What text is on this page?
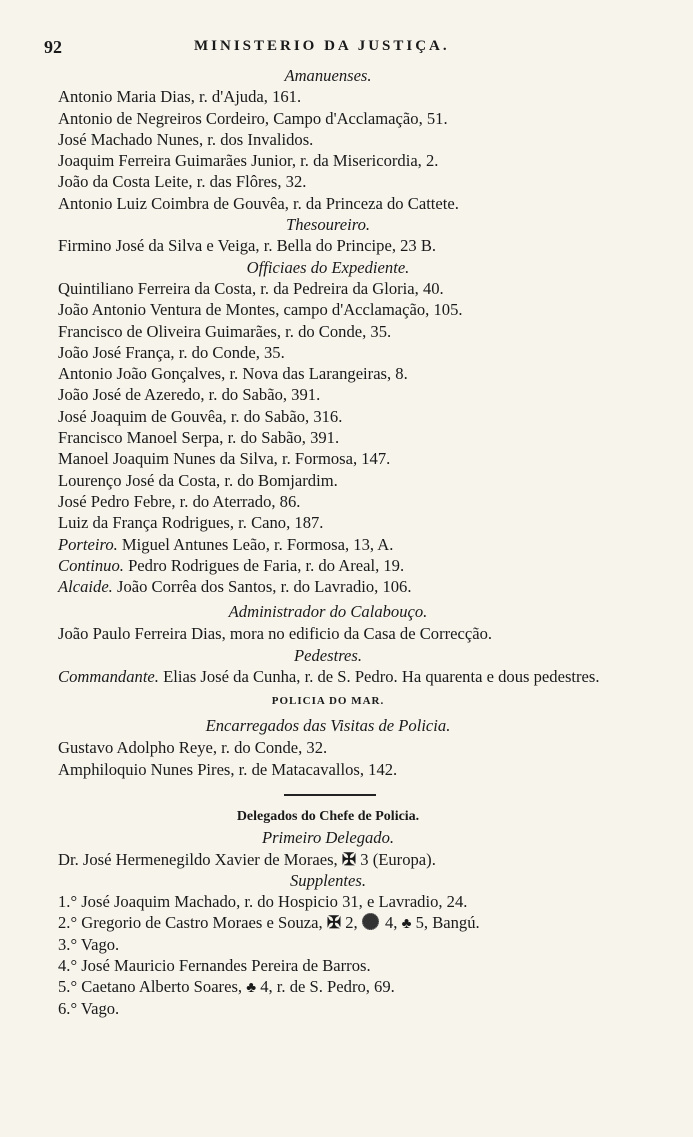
92	MINISTERIO DA JUSTIÇA.
Amanuenses.
Antonio Maria Dias, r. d'Ajuda, 161.
Antonio de Negreiros Cordeiro, Campo d'Acclamação, 51.
José Machado Nunes, r. dos Invalidos.
Joaquim Ferreira Guimarães Junior, r. da Misericordia, 2.
João da Costa Leite, r. das Flôres, 32.
Antonio Luiz Coimbra de Gouvêa, r. da Princeza do Cattete.
Thesoureiro.
Firmino José da Silva e Veiga, r. Bella do Principe, 23 B.
Officiaes do Expediente.
Quintiliano Ferreira da Costa, r. da Pedreira da Gloria, 40.
João Antonio Ventura de Montes, campo d'Acclamação, 105.
Francisco de Oliveira Guimarães, r. do Conde, 35.
João José França, r. do Conde, 35.
Antonio João Gonçalves, r. Nova das Larangeiras, 8.
João José de Azeredo, r. do Sabão, 391.
José Joaquim de Gouvêa, r. do Sabão, 316.
Francisco Manoel Serpa, r. do Sabão, 391.
Manoel Joaquim Nunes da Silva, r. Formosa, 147.
Lourenço José da Costa, r. do Bomjardim.
José Pedro Febre, r. do Aterrado, 86.
Luiz da França Rodrigues, r. Cano, 187.
Porteiro. Miguel Antunes Leão, r. Formosa, 13, A.
Continuo. Pedro Rodrigues de Faria, r. do Areal, 19.
Alcaide. João Corrêa dos Santos, r. do Lavradio, 106.
Administrador do Calabouço.
João Paulo Ferreira Dias, mora no edificio da Casa de Correcção.
Pedestres.
Commandante. Elias José da Cunha, r. de S. Pedro. Ha quarenta e dous pedestres.
POLICIA DO MAR.
Encarregados das Visitas de Policia.
Gustavo Adolpho Reye, r. do Conde, 32.
Amphiloquio Nunes Pires, r. de Matacavallos, 142.
Delegados do Chefe de Policia.
Primeiro Delegado.
Dr. José Hermenegildo Xavier de Moraes, ✠ 3 (Europa).
Supplentes.
1.° José Joaquim Machado, r. do Hospicio 31, e Lavradio, 24.
2.° Gregorio de Castro Moraes e Souza, ✠ 2,  4, ♣ 5, Bangú.
3.° Vago.
4.° José Mauricio Fernandes Pereira de Barros.
5.° Caetano Alberto Soares, ♣ 4, r. de S. Pedro, 69.
6.° Vago.
